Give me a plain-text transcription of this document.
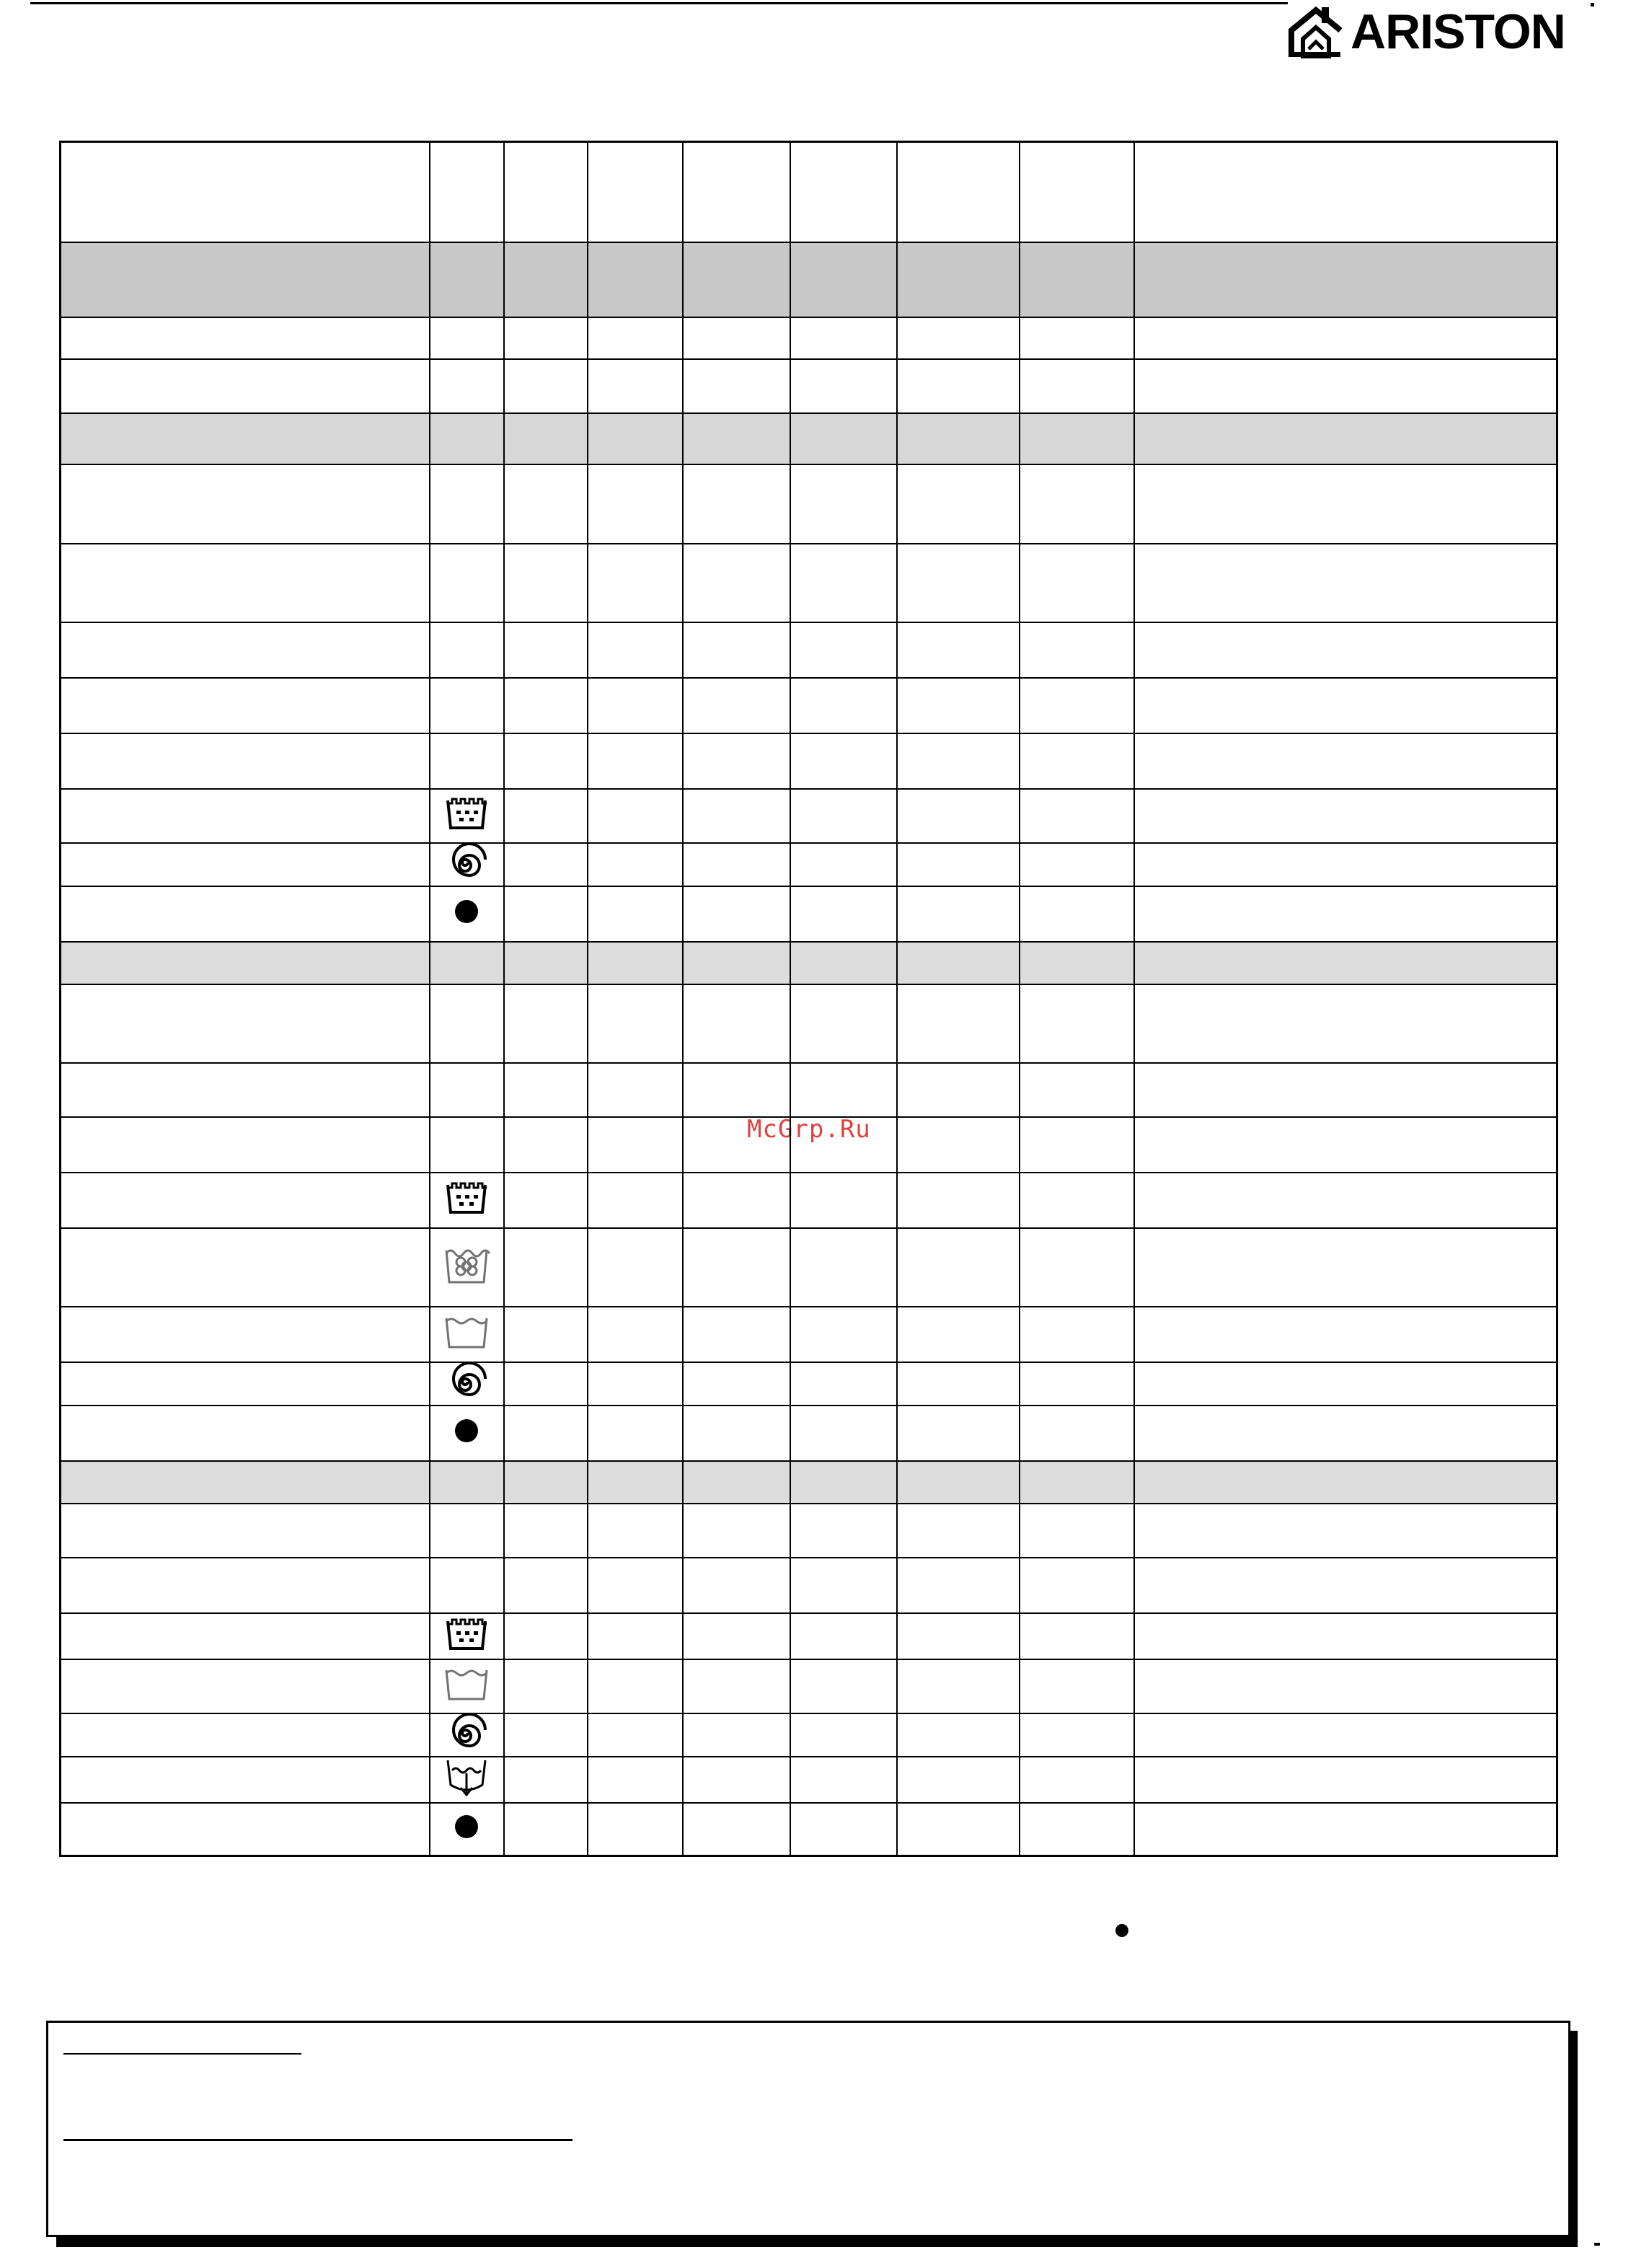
ARISTON
McGrp.Ru
